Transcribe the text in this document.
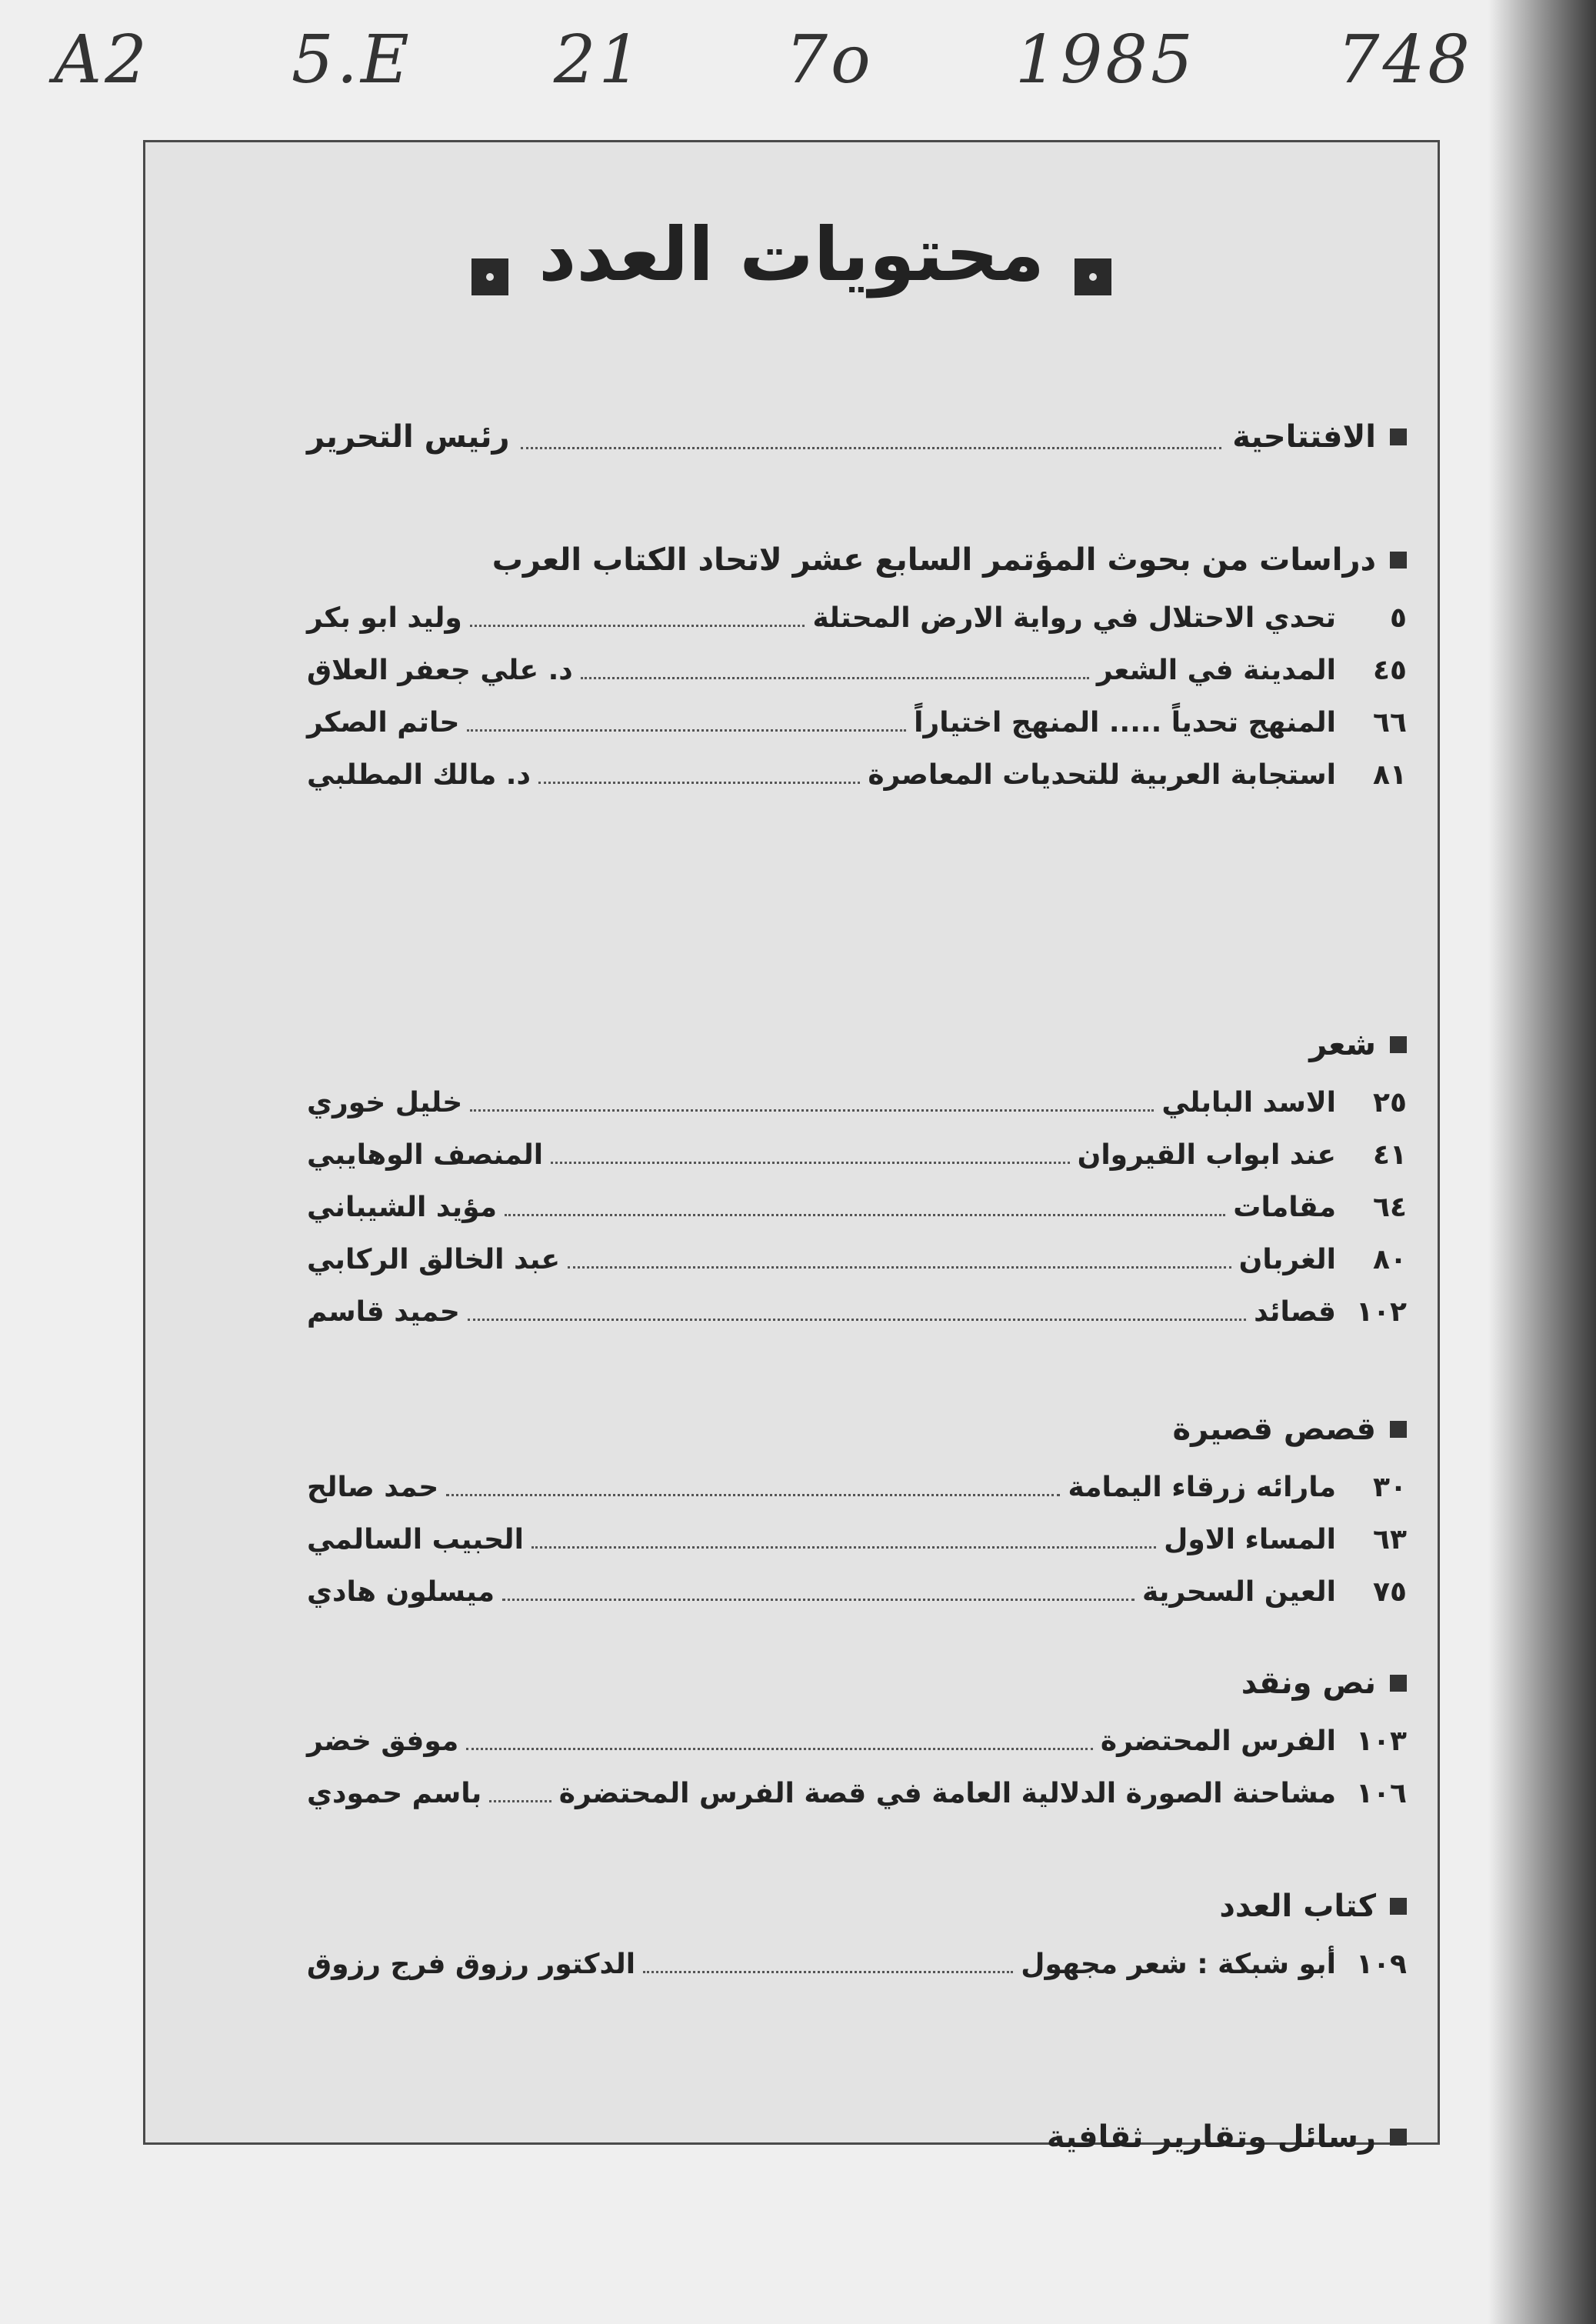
A2 5.E 21 7o 1985 748
محتويات العدد
الافتتاحية
رئيس التحرير
دراسات من بحوث المؤتمر السابع عشر لاتحاد الكتاب العرب
٥
تحدي الاحتلال في رواية الارض المحتلة
وليد ابو بكر
٤٥
المدينة في الشعر
د. علي جعفر العلاق
٦٦
المنهج تحدياً ..... المنهج اختياراً
حاتم الصكر
٨١
استجابة العربية للتحديات المعاصرة
د. مالك المطلبي
شعر
٢٥
الاسد البابلي
خليل خوري
٤١
عند ابواب القيروان
المنصف الوهايبي
٦٤
مقامات
مؤيد الشيباني
٨٠
الغربان
عبد الخالق الركابي
١٠٢
قصائد
حميد قاسم
قصص قصيرة
٣٠
مارائه زرقاء اليمامة
حمد صالح
٦٣
المساء الاول
الحبيب السالمي
٧٥
العين السحرية
ميسلون هادي
نص ونقد
١٠٣
الفرس المحتضرة
موفق خضر
١٠٦
مشاحنة الصورة الدلالية العامة في قصة الفرس المحتضرة
باسم حمودي
كتاب العدد
١٠٩
أبو شبكة : شعر مجهول
الدكتور رزوق فرج رزوق
رسائل وتقارير ثقافية
